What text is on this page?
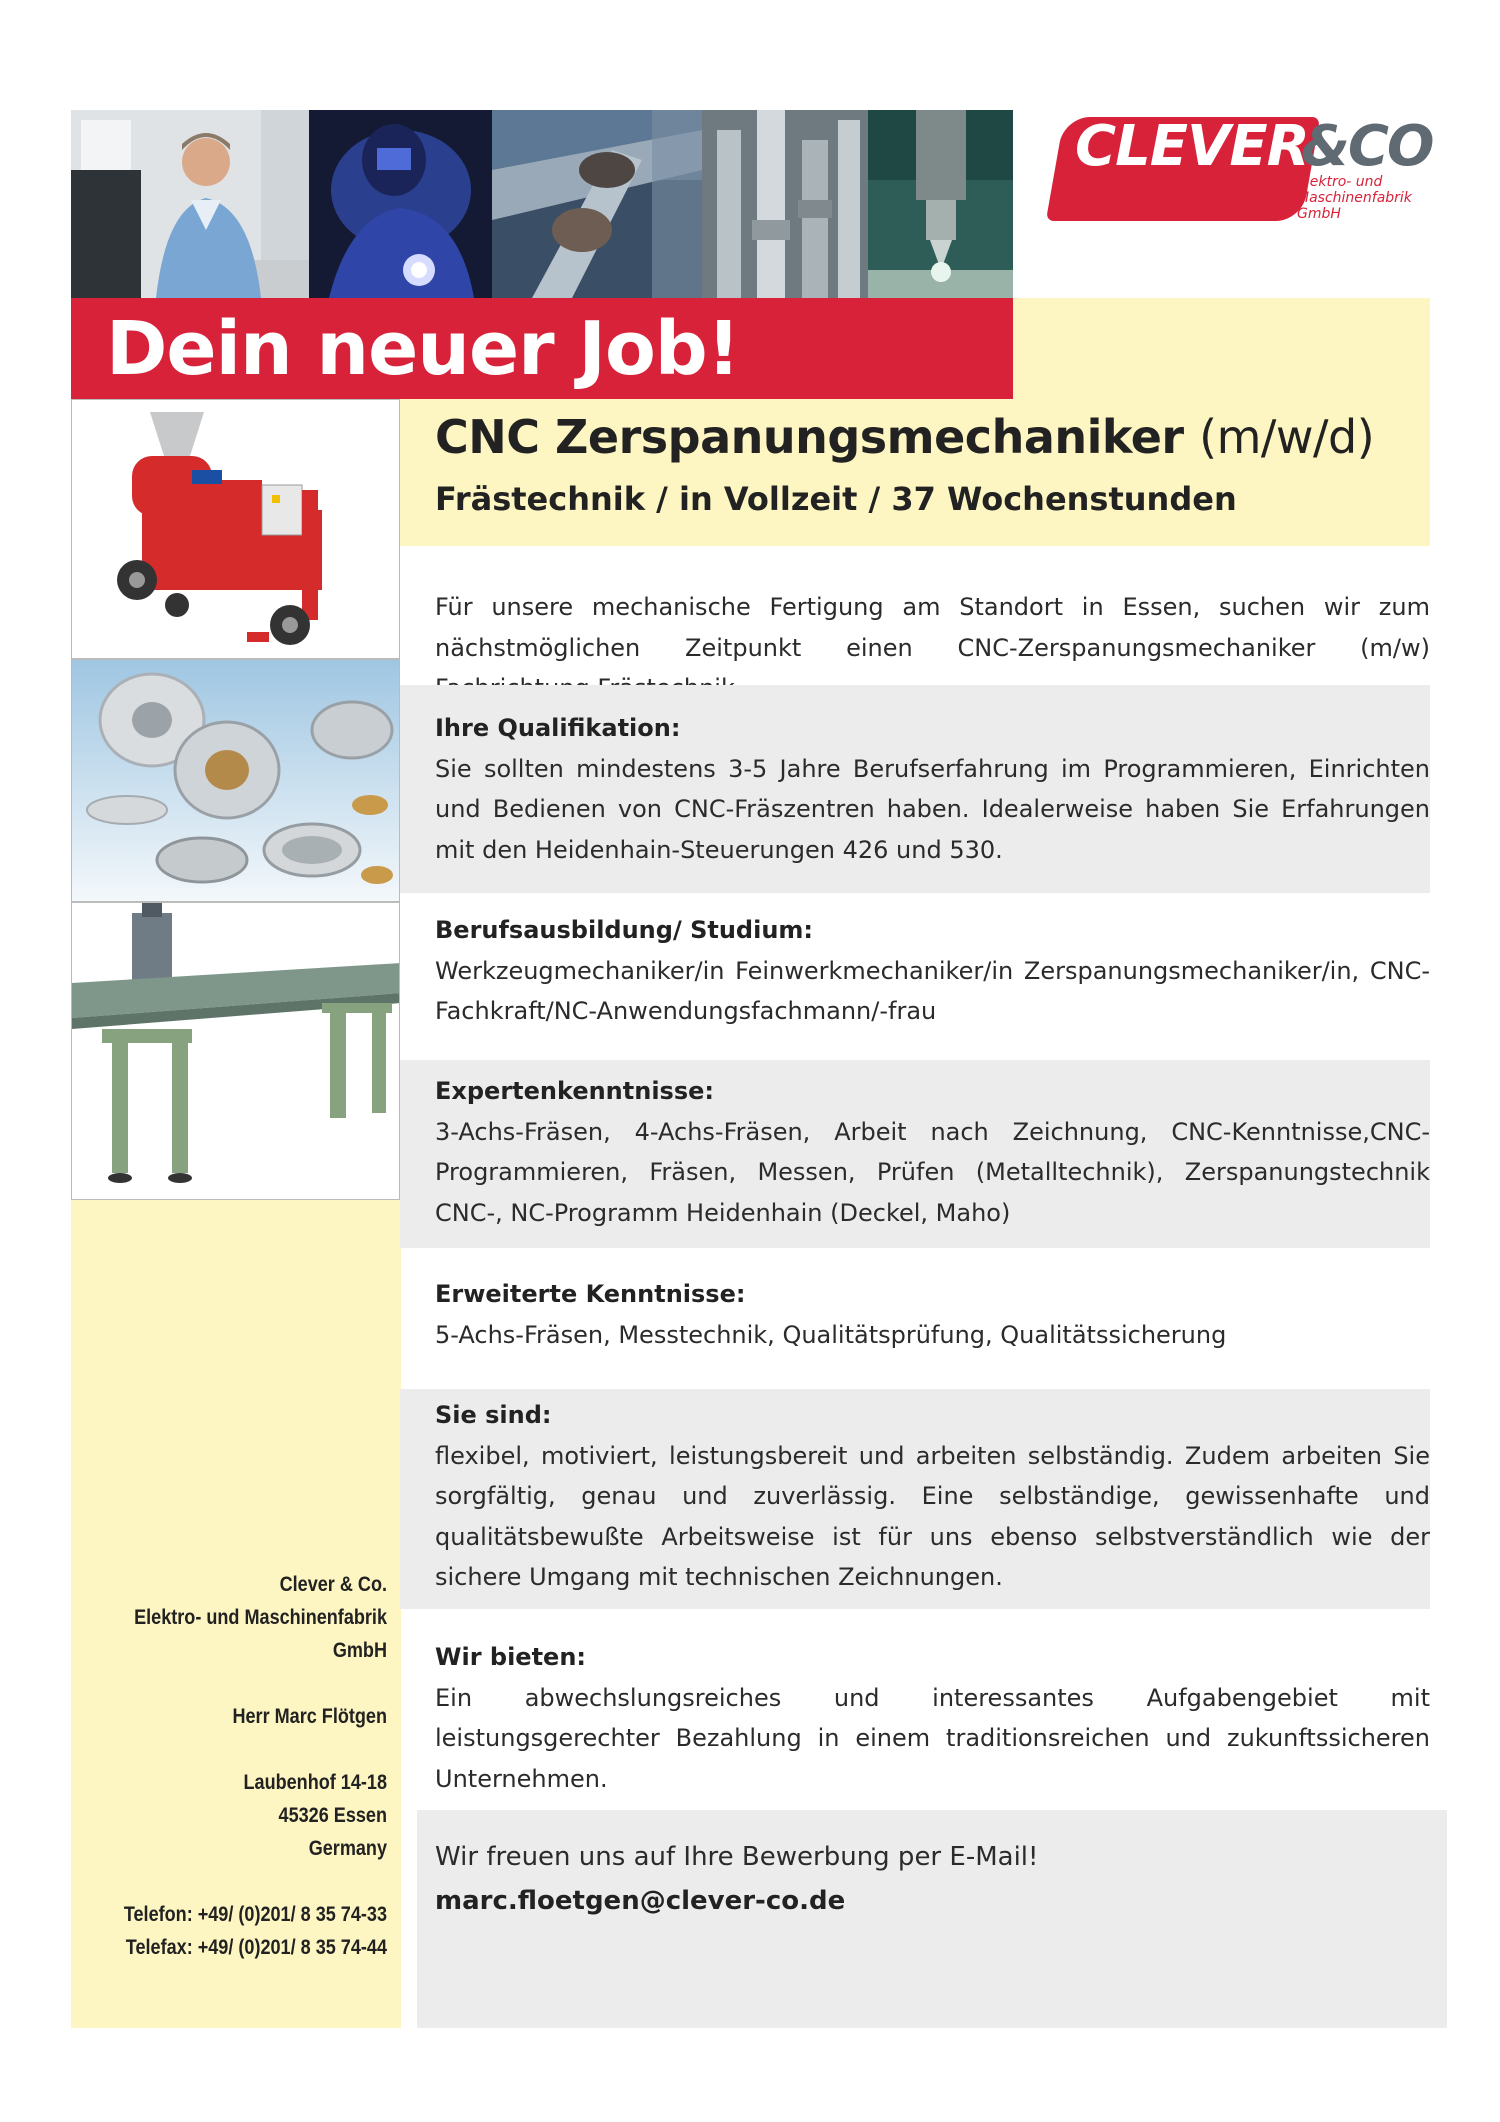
CLEVER
&CO
Elektro- und
Maschinenfabrik
GmbH
Dein neuer Job!
CNC Zerspanungsmechaniker (m/w/d)
Frästechnik / in Vollzeit / 37 Wochenstunden
Clever & Co.
Elektro- und Maschinenfabrik
GmbH
Herr Marc Flötgen
Laubenhof 14-18
45326 Essen
Germany
Telefon: +49/ (0)201/ 8 35 74-33
Telefax: +49/ (0)201/ 8 35 74-44
Für unsere mechanische Fertigung am Standort in Essen, suchen wir zum nächstmöglichen Zeitpunkt einen CNC-Zerspanungsmechaniker (m/w)
Ihre Qualifikation:
Sie sollten mindestens 3-5 Jahre Berufserfahrung im Programmieren, Einrichten und Bedienen von CNC-Fräszentren haben. Idealerweise haben Sie Erfahrungen mit den Heidenhain-Steuerungen 426 und 530.
Berufsausbildung/ Studium:
Werkzeugmechaniker/in Feinwerkmechaniker/in Zerspanungsmechaniker/in, CNC-Fachkraft/NC-Anwendungsfachmann/-frau
Expertenkenntnisse:
3-Achs-Fräsen, 4-Achs-Fräsen, Arbeit nach Zeichnung, CNC-Kenntnisse,CNC-Programmieren, Fräsen, Messen, Prüfen (Metalltechnik), Zerspanungstechnik CNC-, NC-Programm Heidenhain (Deckel, Maho)
Erweiterte Kenntnisse:
5-Achs-Fräsen, Messtechnik, Qualitätsprüfung, Qualitätssicherung
Sie sind:
flexibel, motiviert, leistungsbereit und arbeiten selbständig. Zudem arbeiten Sie sorgfältig, genau und zuverlässig. Eine selbständige, gewissenhafte und qualitätsbewußte Arbeitsweise ist für uns ebenso selbstverständlich wie der sichere Umgang mit technischen Zeichnungen.
Wir bieten:
Ein abwechslungsreiches und interessantes Aufgabengebiet mit leistungsgerechter Bezahlung in einem traditionsreichen und zukunftssicheren Unternehmen.
Wir freuen uns auf Ihre Bewerbung per E-Mail!
marc.floetgen@clever-co.de
